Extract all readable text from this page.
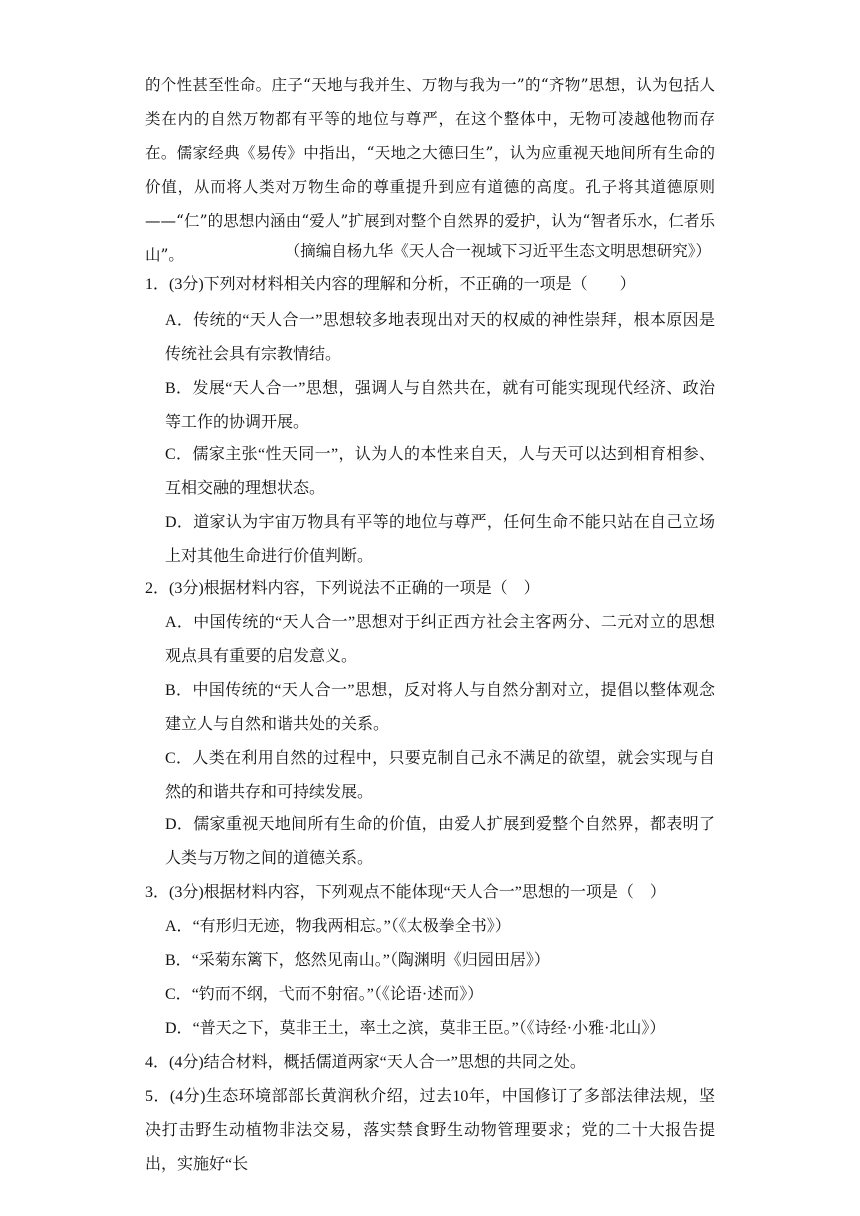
的个性甚至性命。庄子“天地与我并生、万物与我为一”的“齐物”思想，认为包括人类在内的自然万物都有平等的地位与尊严，在这个整体中，无物可凌越他物而存在。儒家经典《易传》中指出，“天地之大德曰生”，认为应重视天地间所有生命的价值，从而将人类对万物生命的尊重提升到应有道德的高度。孔子将其道德原则——“仁”的思想内涵由“爱人”扩展到对整个自然界的爱护，认为“智者乐水，仁者乐山”。	（摘编自杨九华《天人合一视域下习近平生态文明思想研究》）

1．(3分)下列对材料相关内容的理解和分析，不正确的一项是（　　）

A．传统的“天人合一”思想较多地表现出对天的权威的神性崇拜，根本原因是传统社会具有宗教情结。

B．发展“天人合一”思想，强调人与自然共在，就有可能实现现代经济、政治等工作的协调开展。

C．儒家主张“性天同一”，认为人的本性来自天，人与天可以达到相育相参、互相交融的理想状态。

D．道家认为宇宙万物具有平等的地位与尊严，任何生命不能只站在自己立场上对其他生命进行价值判断。

2．(3分)根据材料内容，下列说法不正确的一项是（　）

A．中国传统的“天人合一”思想对于纠正西方社会主客两分、二元对立的思想观点具有重要的启发意义。

B．中国传统的“天人合一”思想，反对将人与自然分割对立，提倡以整体观念建立人与自然和谐共处的关系。

C．人类在利用自然的过程中，只要克制自己永不满足的欲望，就会实现与自然的和谐共存和可持续发展。

D．儒家重视天地间所有生命的价值，由爱人扩展到爱整个自然界，都表明了人类与万物之间的道德关系。

3．(3分)根据材料内容，下列观点不能体现“天人合一”思想的一项是（　）

A．“有形归无迹，物我两相忘。”（《太极拳全书》）

B．“采菊东篱下，悠然见南山。”（陶渊明《归园田居》）

C．“钓而不纲，弋而不射宿。”（《论语·述而》）

D．“普天之下，莫非王土，率土之滨，莫非王臣。”（《诗经·小雅·北山》）

4．(4分)结合材料，概括儒道两家“天人合一”思想的共同之处。

5．(4分)生态环境部部长黄润秋介绍，过去10年，中国修订了多部法律法规，坚决打击野生动植物非法交易，落实禁食野生动物管理要求；党的二十大报告提出，实施好“长
